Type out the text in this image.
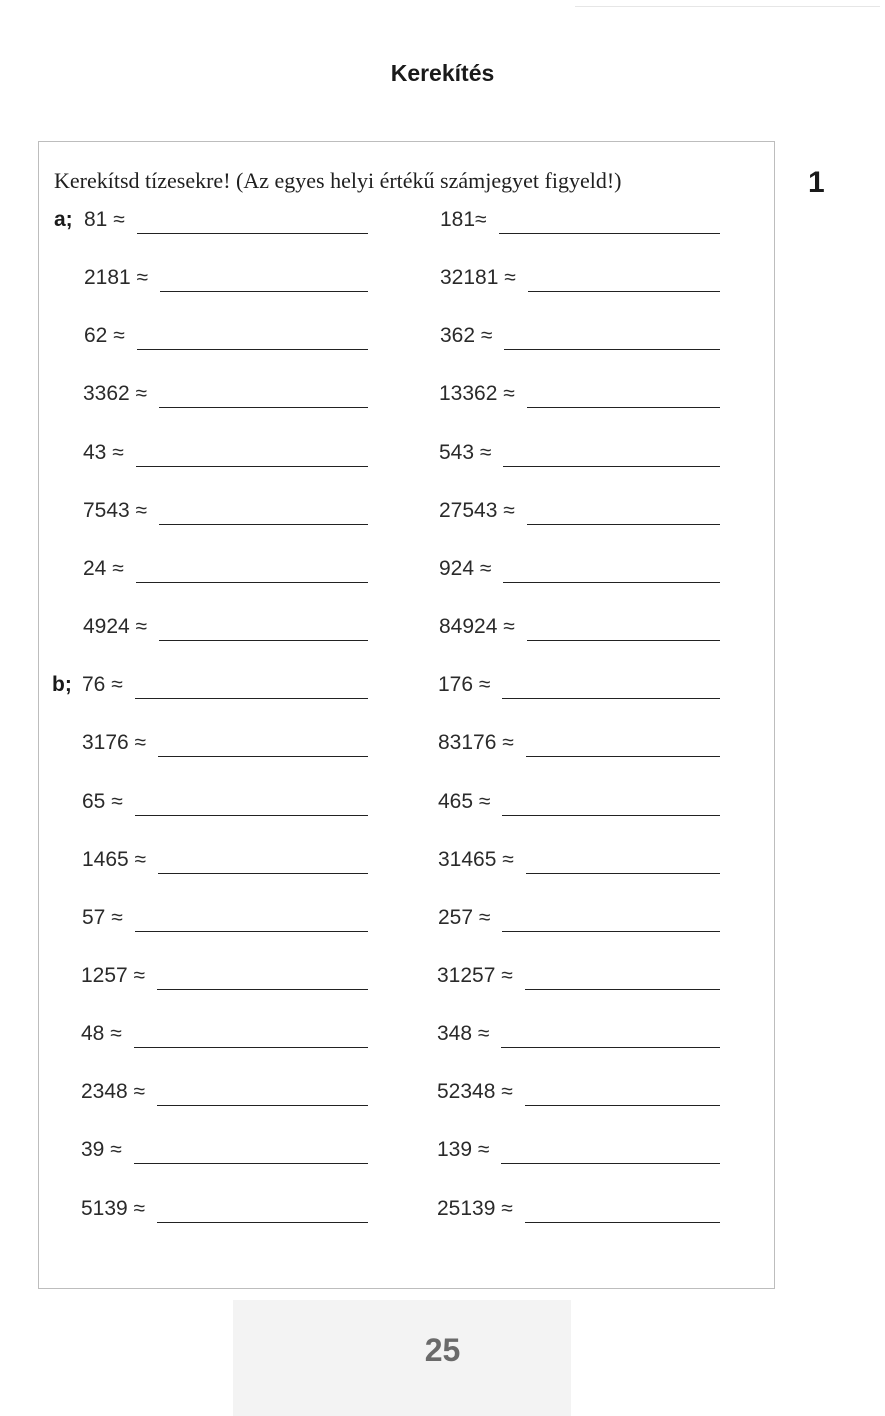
Kerekítés
1
Kerekítsd tízesekre! (Az egyes helyi értékű számjegyet figyeld!)
a; 81 ≈	181≈
2181 ≈	32181 ≈
62 ≈	362 ≈
3362 ≈	13362 ≈
43 ≈	543 ≈
7543 ≈	27543 ≈
24 ≈	924 ≈
4924 ≈	84924 ≈
b; 76 ≈	176 ≈
3176 ≈	83176 ≈
65 ≈	465 ≈
1465 ≈	31465 ≈
57 ≈	257 ≈
1257 ≈	31257 ≈
48 ≈	348 ≈
2348 ≈	52348 ≈
39 ≈	139 ≈
5139 ≈	25139 ≈
25
